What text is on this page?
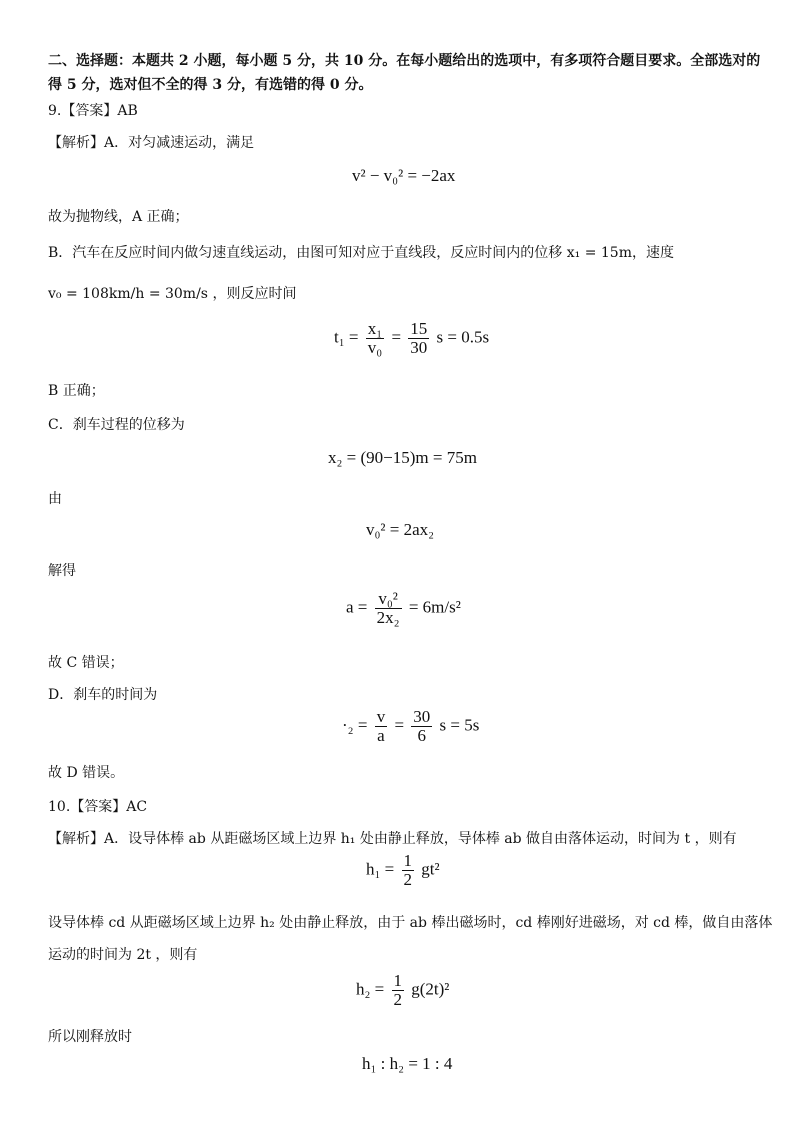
二、选择题：本题共 2 小题，每小题 5 分，共 10 分。在每小题给出的选项中，有多项符合题目要求。全部选对的
得 5 分，选对但不全的得 3 分，有选错的得 0 分。
9.【答案】AB
【解析】A．对匀减速运动，满足
v² − v₀² = −2ax
故为抛物线，A 正确；
B．汽车在反应时间内做匀速直线运动，由图可知对应于直线段，反应时间内的位移 x₁ = 15m，速度
v₀ = 108km/h = 30m/s ，则反应时间
$t_1 = \frac{\text{x₁}}{\text{v₀}} = \frac{15}{30}$ s = 0.5s
B 正确；
C．刹车过程的位移为
x₂ = (90−15)m = 75m
由
v₀² = 2ax₂
解得
$a = \frac{\text{v₀²}}{\text{2x₂}} = 6m/s^2$
故 C 错误；
D．刹车的时间为
$\cdot_2 = \frac{v}{a} = \frac{30}{6}$ s = 5s
故 D 错误。
10.【答案】AC
【解析】A．设导体棒 ab 从距磁场区域上边界 h₁ 处由静止释放，导体棒 ab 做自由落体运动，时间为 t ，则有
$h_1 = \frac{1}{2} gt^2$
设导体棒 cd 从距磁场区域上边界 h₂ 处由静止释放，由于 ab 棒出磁场时，cd 棒刚好进磁场，对 cd 棒，做自由落体
运动的时间为 2t ，则有
$h_2 = \frac{1}{2} g(2t)^2$
所以刚释放时
h₁ : h₂ = 1 : 4
